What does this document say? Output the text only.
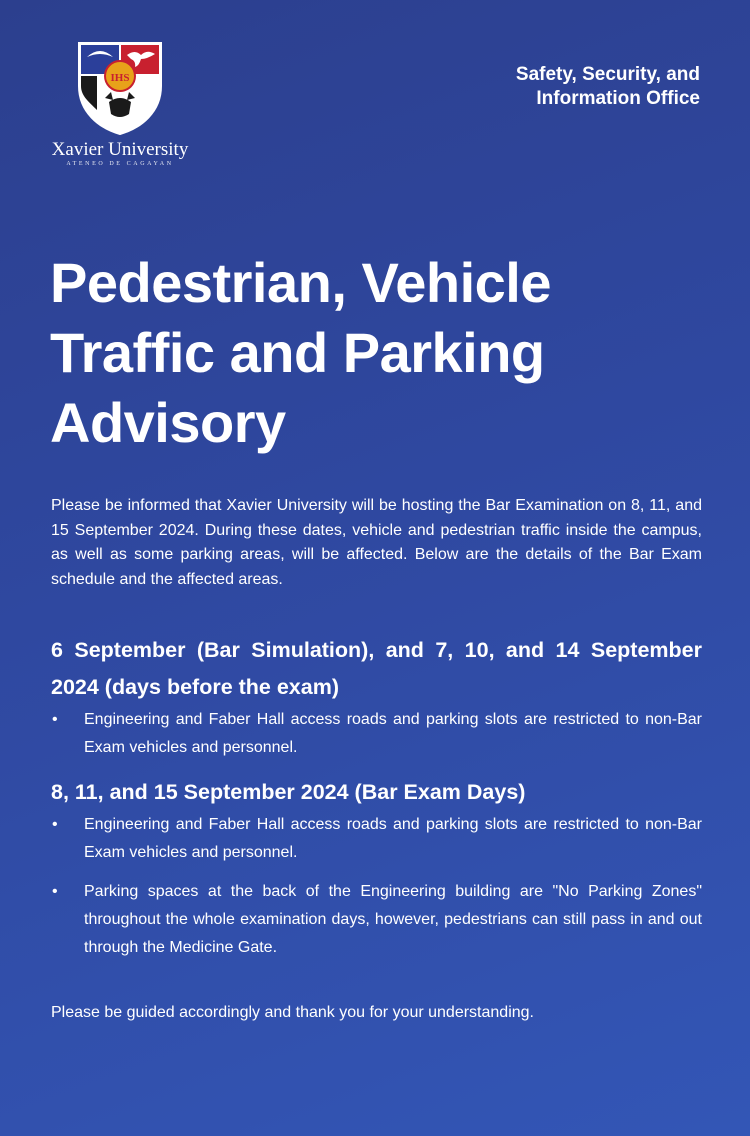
IHS
Xavier University
ATENEO DE CAGAYAN
Safety, Security, and
Information Office
Pedestrian, Vehicle
Traffic and Parking
Advisory

Please be informed that Xavier University will be hosting the Bar Examination on 8, 11, and 15 September 2024. During these dates, vehicle and pedestrian traffic inside the campus, as well as some parking areas, will be affected. Below are the details of the Bar Exam schedule and the affected areas.

6 September (Bar Simulation), and 7, 10, and 14 September 2024 (days before the exam)
• Engineering and Faber Hall access roads and parking slots are restricted to non-Bar Exam vehicles and personnel.
8, 11, and 15 September 2024 (Bar Exam Days)
• Engineering and Faber Hall access roads and parking slots are restricted to non-Bar Exam vehicles and personnel.
• Parking spaces at the back of the Engineering building are "No Parking Zones" throughout the whole examination days, however, pedestrians can still pass in and out through the Medicine Gate.

Please be guided accordingly and thank you for your understanding.
